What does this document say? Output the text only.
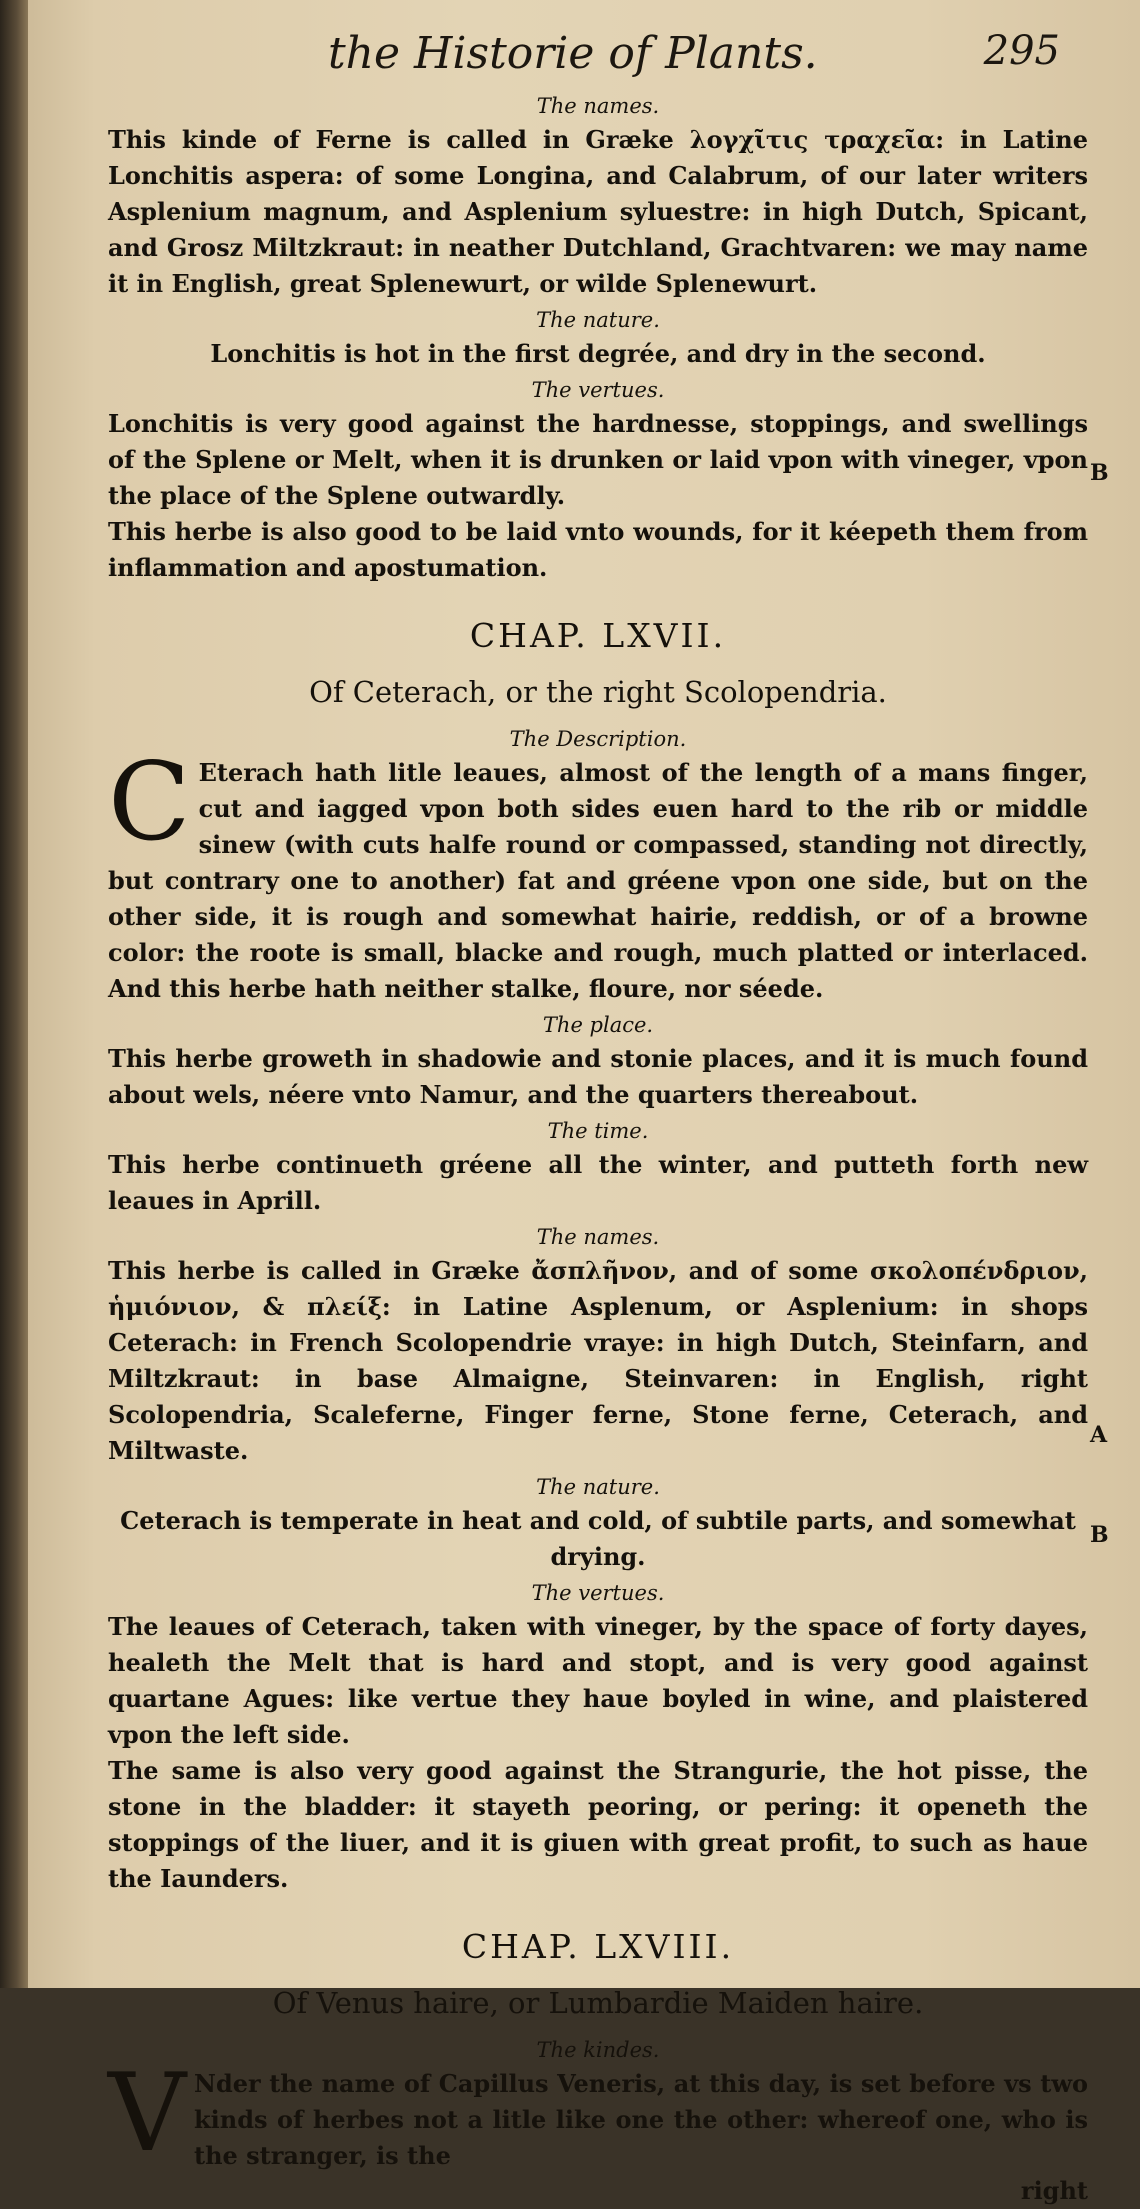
the Historie of Plants.	295
B
A
B
The names.

This kinde of Ferne is called in Græke λογχῖτις τραχεῖα: in Latine Lonchitis aspera: of some Longina, and Calabrum, of our later writers Asplenium magnum, and Asplenium syluestre: in high Dutch, Spicant, and Grosz Miltzkraut: in neather Dutchland, Grachtvaren: we may name it in English, great Splenewurt, or wilde Splenewurt.

The nature.

Lonchitis is hot in the first degrée, and dry in the second.

The vertues.

Lonchitis is very good against the hardnesse, stoppings, and swellings of the Splene or Melt, when it is drunken or laid vpon with vineger, vpon the place of the Splene outwardly.

This herbe is also good to be laid vnto wounds, for it kéepeth them from inflammation and apostumation.

CHAP. LXVII.
Of Ceterach, or the right Scolopendria.
The Description.

C Eterach hath litle leaues, almost of the length of a mans finger, cut and iagged vpon both sides euen hard to the rib or middle sinew (with cuts halfe round or compassed, standing not directly, but contrary one to another) fat and gréene vpon one side, but on the other side, it is rough and somewhat hairie, reddish, or of a browne color: the roote is small, blacke and rough, much platted or interlaced. And this herbe hath neither stalke, floure, nor séede.

The place.

This herbe groweth in shadowie and stonie places, and it is much found about wels, néere vnto Namur, and the quarters thereabout.

The time.

This herbe continueth gréene all the winter, and putteth forth new leaues in Aprill.

The names.

This herbe is called in Græke ἄσπλῆνον, and of some σκολοπένδριον, ἡμιόνιον, & πλείξ: in Latine Asplenum, or Asplenium: in shops Ceterach: in French Scolopendrie vraye: in high Dutch, Steinfarn, and Miltzkraut: in base Almaigne, Steinvaren: in English, right Scolopendria, Scaleferne, Finger ferne, Stone ferne, Ceterach, and Miltwaste.

The nature.

Ceterach is temperate in heat and cold, of subtile parts, and somewhat drying.

The vertues.

The leaues of Ceterach, taken with vineger, by the space of forty dayes, healeth the Melt that is hard and stopt, and is very good against quartane Agues: like vertue they haue boyled in wine, and plaistered vpon the left side.

The same is also very good against the Strangurie, the hot pisse, the stone in the bladder: it stayeth peoring, or pering: it openeth the stoppings of the liuer, and it is giuen with great profit, to such as haue the Iaunders.

CHAP. LXVIII.
Of Venus haire, or Lumbardie Maiden haire.
The kindes.

V Nder the name of Capillus Veneris, at this day, is set before vs two kinds of herbes not a litle like one the other: whereof one, who is the stranger, is the

right
